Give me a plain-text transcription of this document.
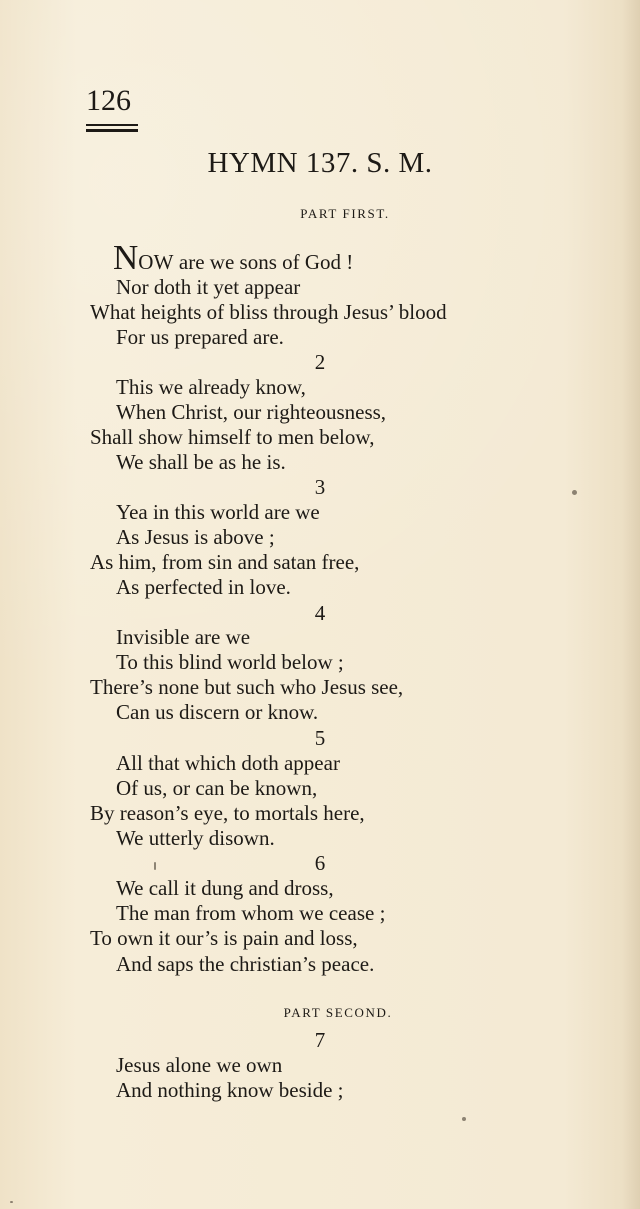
126
HYMN 137. S. M.
PART FIRST.
NOW are we sons of God !
Nor doth it yet appear
What heights of bliss through Jesus’ blood
For us prepared are.
2
This we already know,
When Christ, our righteousness,
Shall show himself to men below,
We shall be as he is.
3
Yea in this world are we
As Jesus is above ;
As him, from sin and satan free,
As perfected in love.
4
Invisible are we
To this blind world below ;
There’s none but such who Jesus see,
Can us discern or know.
5
All that which doth appear
Of us, or can be known,
By reason’s eye, to mortals here,
We utterly disown.
6
We call it dung and dross,
The man from whom we cease ;
To own it our’s is pain and loss,
And saps the christian’s peace.
PART SECOND.
7
Jesus alone we own
And nothing know beside ;
